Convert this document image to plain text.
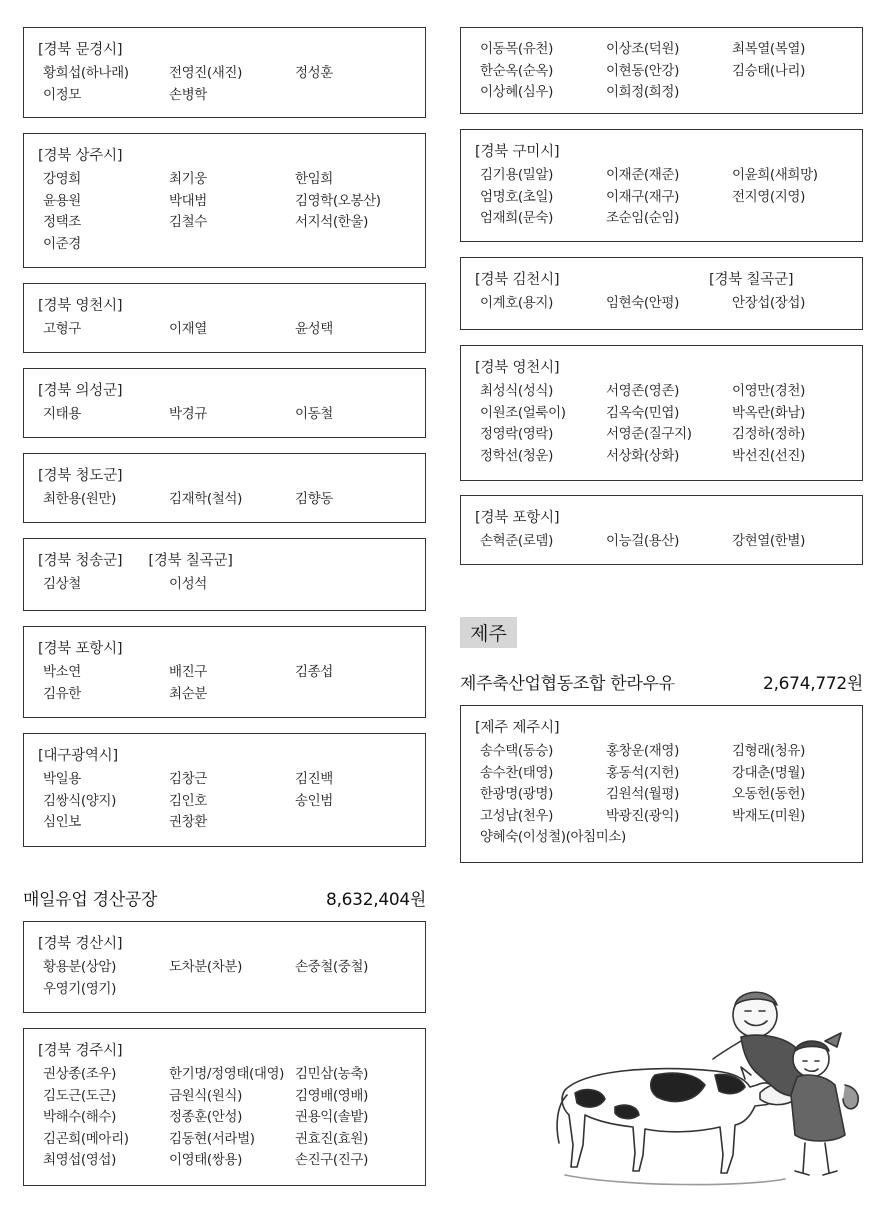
[경북 문경시]
황희섭(하나래)	전영진(새진)	정성훈
이정모	손병학
[경북 상주시]
강영희	최기웅	한임희
윤용원	박대범	김영학(오봉산)
정택조	김철수	서지석(한울)
이준경
[경북 영천시]
고형구	이재열	윤성택
[경북 의성군]
지태용	박경규	이동철
[경북 청도군]
최한용(원만)	김재학(철석)	김향동
[경북 청송군] [경북 칠곡군]
김상철	이성석
[경북 포항시]
박소연	배진구	김종섭
김유한	최순분
[대구광역시]
박일용	김창근	김진백
김쌍식(양지)	김인호	송인범
심인보	권창환
매일유업 경산공장	8,632,404원
[경북 경산시]
황용분(상암)	도차분(차분)	손중철(중철)
우영기(영기)
[경북 경주시]
권상종(조우)	한기명/정영태(대영) 김민삼(농축)
김도근(도근)	금원식(원식)	김영배(영배)
박해수(해수)	정종훈(안성)	권용익(솔밭)
김곤희(메아리)	김동현(서라벌)	권효진(효원)
최영섭(영섭)	이영태(쌍용)	손진구(진구)
이동목(유천)	이상조(덕원)	최복열(복열)
한순옥(순옥)	이현동(안강)	김승태(나리)
이상혜(심우)	이희정(희정)
[경북 구미시]
김기용(밀알)	이재준(재준)	이윤희(새희망)
엄명호(초일)	이재구(재구)	전지영(지영)
엄재희(문숙)	조순임(순임)
[경북 김천시]	[경북 칠곡군]
이계호(용지)	임현숙(안평)	안장섭(장섭)
[경북 영천시]
최성식(성식)	서영존(영존)	이영만(경천)
이원조(얼룩이)	김옥숙(민엽)	박옥란(화남)
정영락(영락)	서영준(질구지)	김정하(정하)
정학선(청운)	서상화(상화)	박선진(선진)
[경북 포항시]
손혁준(로뎀)	이능걸(용산)	강현열(한별)
제주
제주축산업협동조합 한라우유	2,674,772원
[제주 제주시]
송수택(동승)	홍창운(재영)	김형래(청유)
송수찬(태영)	홍동석(지헌)	강대춘(명월)
한광명(광명)	김원석(월평)	오동헌(동헌)
고성남(천우)	박광진(광익)	박재도(미원)
양혜숙(이성철)(아침미소)
